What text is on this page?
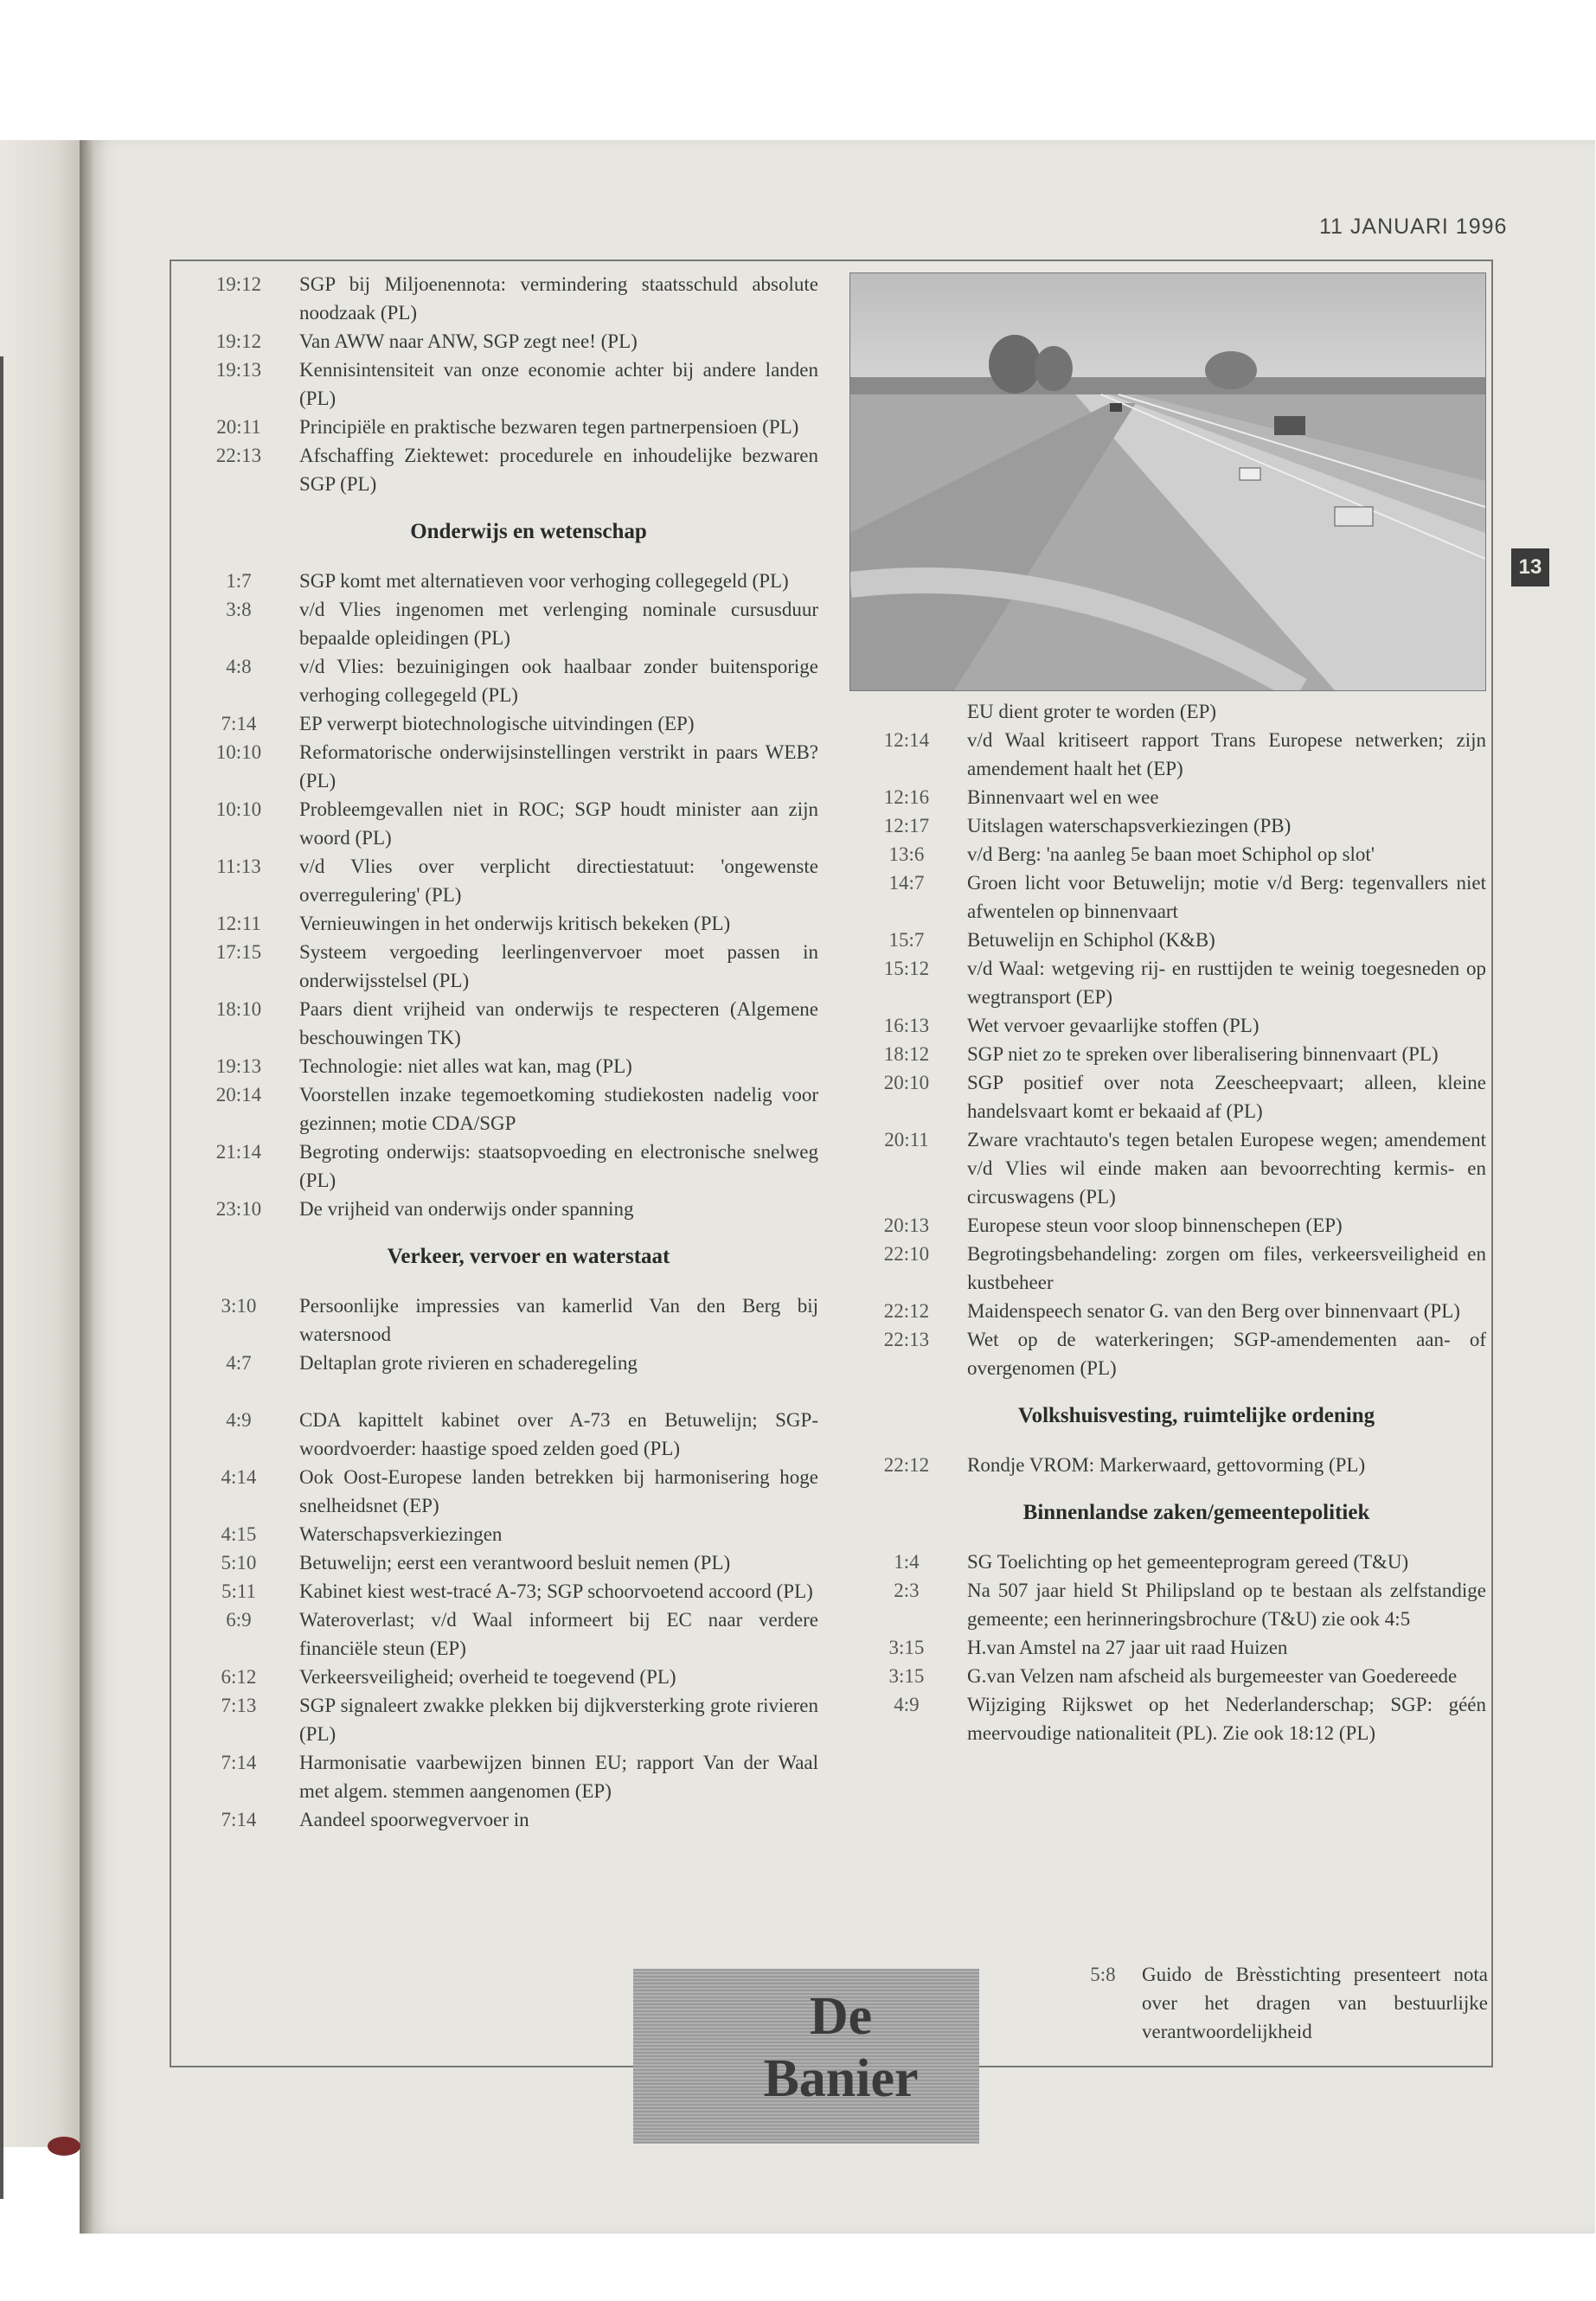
11 JANUARI 1996
13
19:12	SGP bij Miljoenennota: vermindering staatsschuld absolute noodzaak (PL)
19:12	Van AWW naar ANW, SGP zegt nee! (PL)
19:13	Kennisintensiteit van onze economie achter bij andere landen (PL)
20:11	Principiële en praktische bezwaren tegen partnerpensioen (PL)
22:13	Afschaffing Ziektewet: procedurele en inhoudelijke bezwaren SGP (PL)
Onderwijs en wetenschap
1:7	SGP komt met alternatieven voor verhoging collegegeld (PL)
3:8	v/d Vlies ingenomen met verlenging nominale cursusduur bepaalde opleidingen (PL)
4:8	v/d Vlies: bezuinigingen ook haalbaar zonder buitensporige verhoging collegegeld (PL)
7:14	EP verwerpt biotechnologische uitvindingen (EP)
10:10	Reformatorische onderwijsinstellingen verstrikt in paars WEB? (PL)
10:10	Probleemgevallen niet in ROC; SGP houdt minister aan zijn woord (PL)
11:13	v/d Vlies over verplicht directiestatuut: 'ongewenste overregulering' (PL)
12:11	Vernieuwingen in het onderwijs kritisch bekeken (PL)
17:15	Systeem vergoeding leerlingenvervoer moet passen in onderwijsstelsel (PL)
18:10	Paars dient vrijheid van onderwijs te respecteren (Algemene beschouwingen TK)
19:13	Technologie: niet alles wat kan, mag (PL)
20:14	Voorstellen inzake tegemoetkoming studiekosten nadelig voor gezinnen; motie CDA/SGP
21:14	Begroting onderwijs: staatsopvoeding en electronische snelweg (PL)
23:10	De vrijheid van onderwijs onder spanning
Verkeer, vervoer en waterstaat
3:10	Persoonlijke impressies van kamerlid Van den Berg bij watersnood
4:7	Deltaplan grote rivieren en schaderegeling
4:9	CDA kapittelt kabinet over A-73 en Betuwelijn; SGP-woordvoerder: haastige spoed zelden goed (PL)
4:14	Ook Oost-Europese landen betrekken bij harmonisering hoge snelheidsnet (EP)
4:15	Waterschapsverkiezingen
5:10	Betuwelijn; eerst een verantwoord besluit nemen (PL)
5:11	Kabinet kiest west-tracé A-73; SGP schoorvoetend accoord (PL)
6:9	Wateroverlast; v/d Waal informeert bij EC naar verdere financiële steun (EP)
6:12	Verkeersveiligheid; overheid te toegevend (PL)
7:13	SGP signaleert zwakke plekken bij dijkversterking grote rivieren (PL)
7:14	Harmonisatie vaarbewijzen binnen EU; rapport Van der Waal met algem. stemmen aangenomen (EP)
7:14	Aandeel spoorwegvervoer in
EU dient groter te worden (EP)
12:14	v/d Waal kritiseert rapport Trans Europese netwerken; zijn amendement haalt het (EP)
12:16	Binnenvaart wel en wee
12:17	Uitslagen waterschapsverkiezingen (PB)
13:6	v/d Berg: 'na aanleg 5e baan moet Schiphol op slot'
14:7	Groen licht voor Betuwelijn; motie v/d Berg: tegenvallers niet afwentelen op binnenvaart
15:7	Betuwelijn en Schiphol (K&B)
15:12	v/d Waal: wetgeving rij- en rusttijden te weinig toegesneden op wegtransport (EP)
16:13	Wet vervoer gevaarlijke stoffen (PL)
18:12	SGP niet zo te spreken over liberalisering binnenvaart (PL)
20:10	SGP positief over nota Zeescheepvaart; alleen, kleine handelsvaart komt er bekaaid af (PL)
20:11	Zware vrachtauto's tegen betalen Europese wegen; amendement v/d Vlies wil einde maken aan bevoorrechting kermis- en circuswagens (PL)
20:13	Europese steun voor sloop binnenschepen (EP)
22:10	Begrotingsbehandeling: zorgen om files, verkeersveiligheid en kustbeheer
22:12	Maidenspeech senator G. van den Berg over binnenvaart (PL)
22:13	Wet op de waterkeringen; SGP-amendementen aan- of overgenomen (PL)
Volkshuisvesting, ruimtelijke ordening
22:12	Rondje VROM: Markerwaard, gettovorming (PL)
Binnenlandse zaken/gemeentepolitiek
1:4	SG Toelichting op het gemeenteprogram gereed (T&U)
2:3	Na 507 jaar hield St Philipsland op te bestaan als zelfstandige gemeente; een herinneringsbrochure (T&U) zie ook 4:5
3:15	H.van Amstel na 27 jaar uit raad Huizen
3:15	G.van Velzen nam afscheid als burgemeester van Goedereede
4:9	Wijziging Rijkswet op het Nederlanderschap; SGP: géén meervoudige nationaliteit (PL). Zie ook 18:12 (PL)
De
Banier
5:8	Guido de Brèsstichting presenteert nota over het dragen van bestuurlijke verantwoordelijkheid
